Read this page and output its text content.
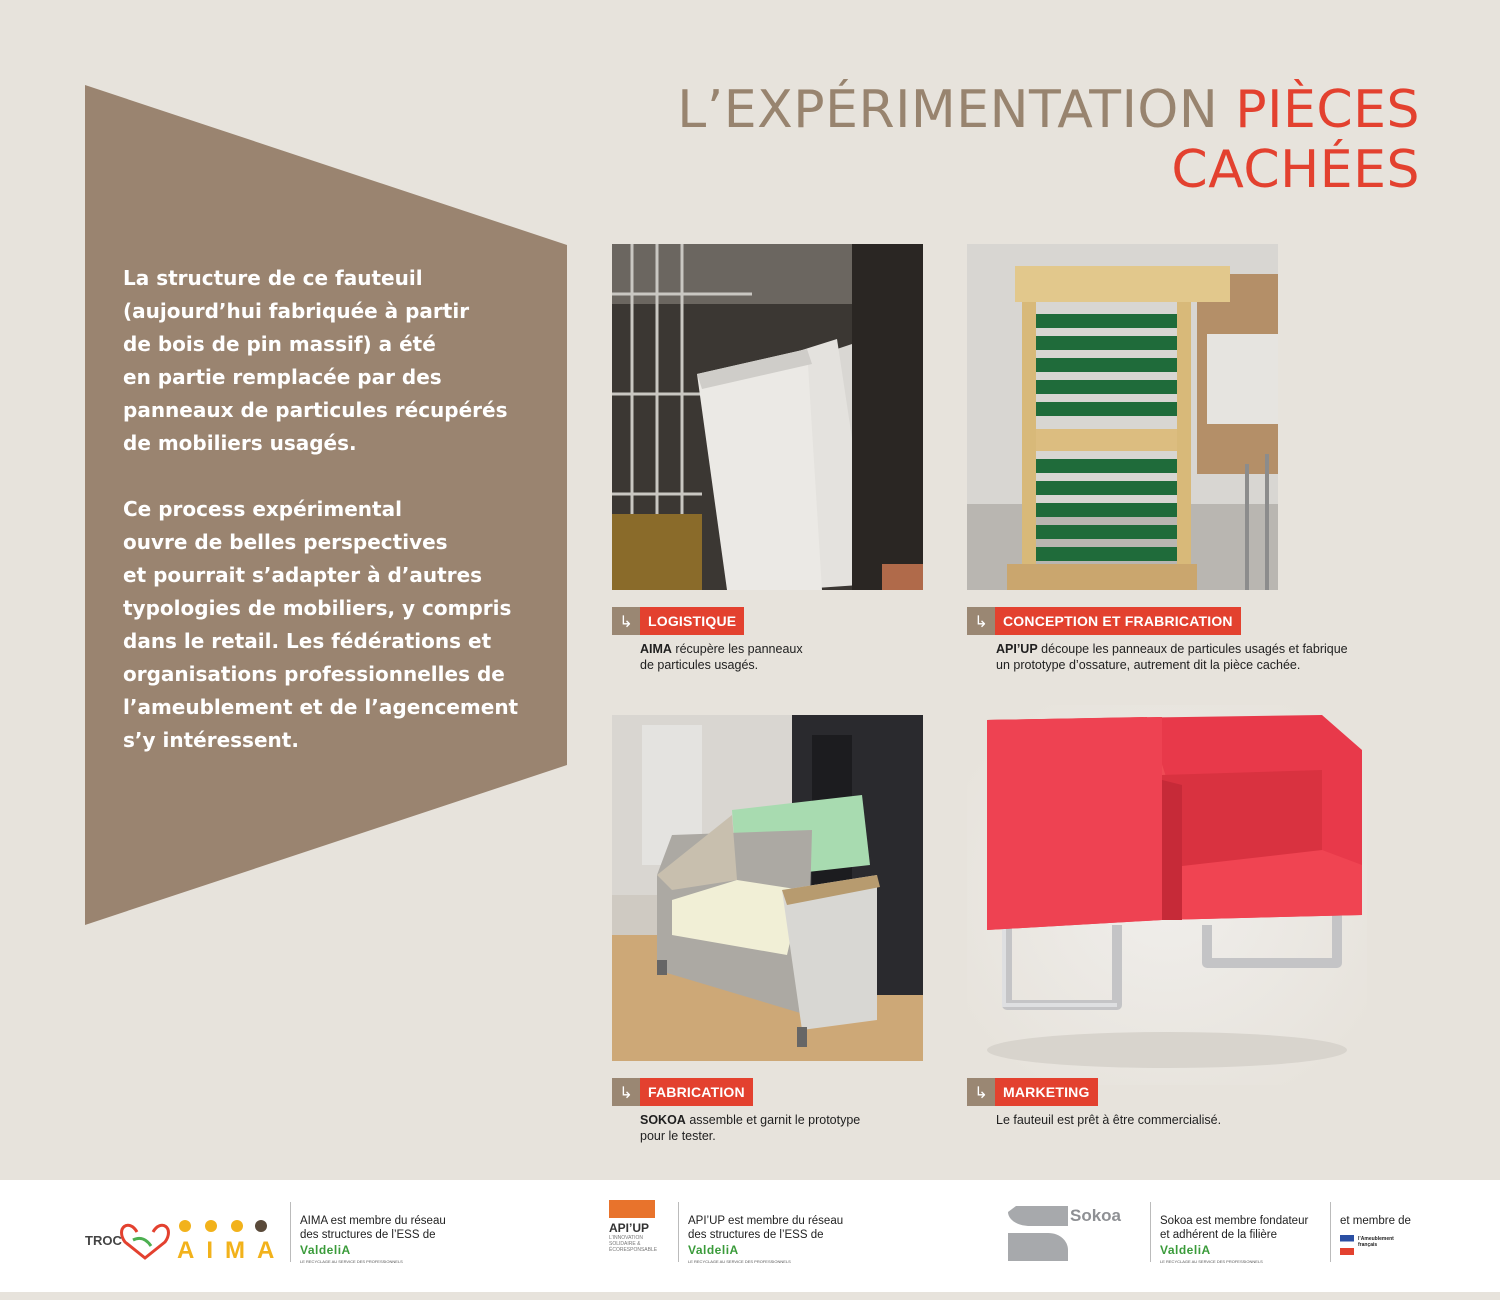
L’EXPÉRIMENTATION PIÈCES CACHÉES

La structure de ce fauteuil
(aujourd’hui fabriquée à partir
de bois de pin massif) a été
en partie remplacée par des
panneaux de particules récupérés
de mobiliers usagés.

Ce process expérimental
ouvre de belles perspectives
et pourrait s’adapter à d’autres
typologies de mobiliers, y compris
dans le retail. Les fédérations et
organisations professionnelles de
l’ameublement et de l’agencement
s’y intéressent.

↳	LOGISTIQUE
AIMA récupère les panneaux
de particules usagés.
↳	CONCEPTION ET FRABRICATION
API’UP découpe les panneaux de particules usagés et fabrique
un prototype d’ossature, autrement dit la pièce cachée.
↳	FABRICATION
SOKOA assemble et garnit le prototype
pour le tester.
↳	MARKETING
Le fauteuil est prêt à être commercialisé.
TROC AIMA
AIMA est membre du réseau
des structures de l’ESS de
ValdeliA
LE RECYCLAGE AU SERVICE DES PROFESSIONNELS
API’UP
L’INNOVATION
SOLIDAIRE &
ÉCORESPONSABLE
API’UP est membre du réseau
des structures de l’ESS de
ValdeliA
LE RECYCLAGE AU SERVICE DES PROFESSIONNELS
Sokoa	Sokoa est membre fondateur
et adhérent de la filière
ValdeliA
LE RECYCLAGE AU SERVICE DES PROFESSIONNELS
et membre de
l’Ameublement
français
